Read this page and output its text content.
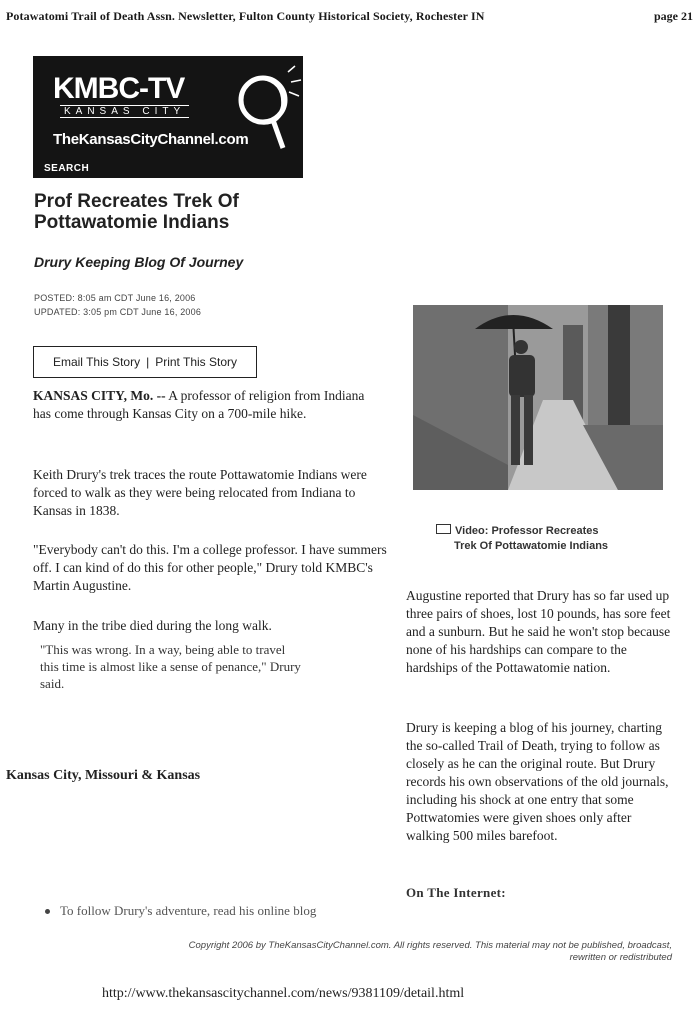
Potawatomi Trail of Death Assn. Newsletter, Fulton County Historical Society, Rochester IN	page 21
KMBC-TV
KANSAS CITY
TheKansasCityChannel.com
SEARCH
Prof Recreates Trek Of Pottawatomie Indians
Drury Keeping Blog Of Journey
POSTED: 8:05 am CDT June 16, 2006
UPDATED: 3:05 pm CDT June 16, 2006
Email This Story | Print This Story
KANSAS CITY, Mo. -- A professor of religion from Indiana has come through Kansas City on a 700-mile hike.
Keith Drury's trek traces the route Pottawatomie Indians were forced to walk as they were being relocated from Indiana to Kansas in 1838.
"Everybody can't do this. I'm a college professor. I have summers off. I can kind of do this for other people," Drury told KMBC's Martin Augustine.
Many in the tribe died during the long walk.
"This was wrong. In a way, being able to travel this time is almost like a sense of penance," Drury said.
Kansas City, Missouri & Kansas
Video: Professor Recreates
Trek Of Pottawatomie Indians
Augustine reported that Drury has so far used up three pairs of shoes, lost 10 pounds, has sore feet and a sunburn. But he said he won't stop because none of his hardships can compare to the hardships of the Pottawatomie nation.
Drury is keeping a blog of his journey, charting the so-called Trail of Death, trying to follow as closely as he can the original route. But Drury records his own observations of the old journals, including his shock at one entry that some Pottwatomies were given shoes only after walking 500 miles barefoot.
On The Internet:
To follow Drury's adventure, read his online blog
Copyright 2006 by TheKansasCityChannel.com. All rights reserved. This material may not be published, broadcast,
rewritten or redistributed
http://www.thekansascitychannel.com/news/9381109/detail.html
